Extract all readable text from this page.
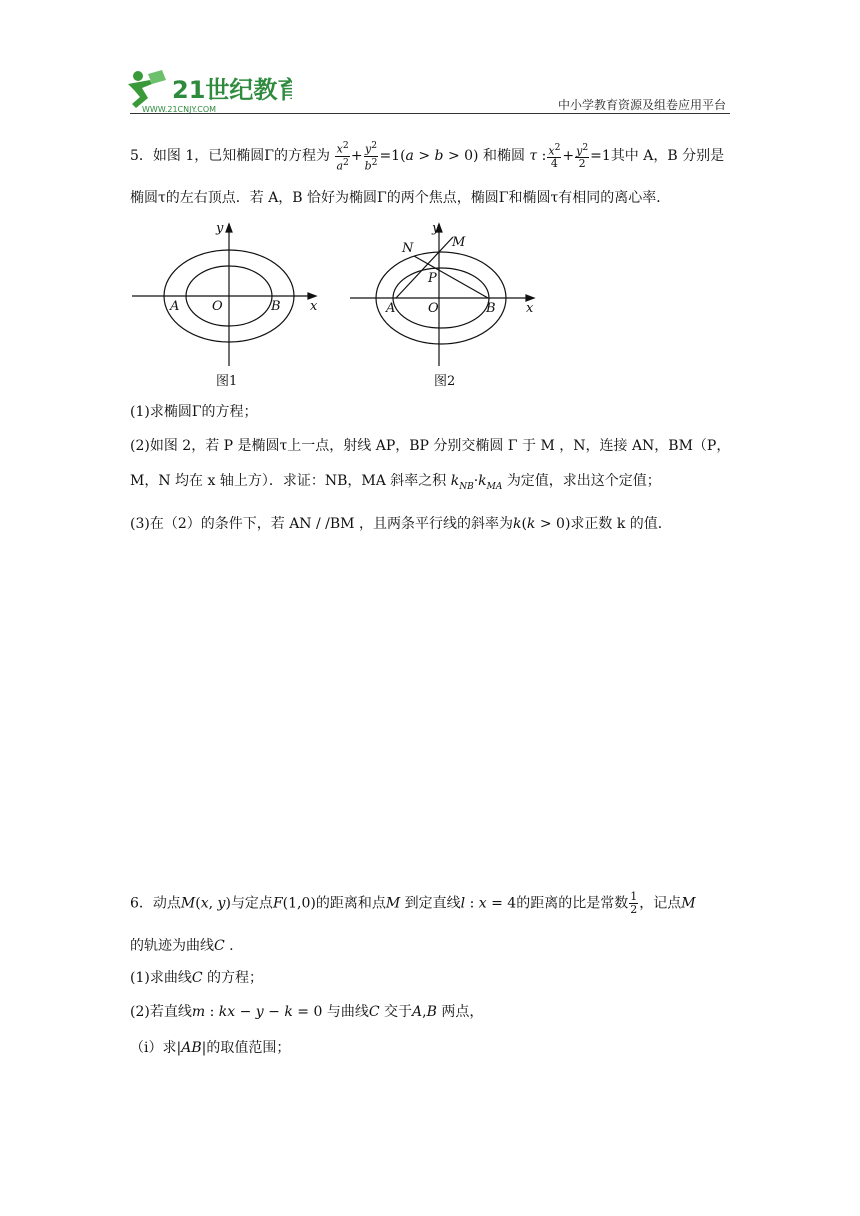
21世纪教育
WWW.21CNJY.COM	中小学教育资源及组卷应用平台
5．如图 1，已知椭圆Γ的方程为 $\frac{x^2}{a^2} + \frac{y^2}{b^2} =1(a > b > 0)$ 和椭圆 τ : $\frac{x^2}{4} + \frac{y^2}{2} =1$其中 A，B 分别是
椭圆τ的左右顶点．若 A，B 恰好为椭圆Γ的两个焦点，椭圆Γ和椭圆τ有相同的离心率．
y
x
A	O	B
y
x
A	O	B
N	M
P
图1	图2
(1)求椭圆Γ的方程；
(2)如图 2，若 P 是椭圆τ上一点，射线 AP，BP 分别交椭圆 Γ 于 M ，N，连接 AN，BM（P，
M，N 均在 x 轴上方）．求证：NB，MA 斜率之积 $k_{NB}\cdot k_{MA}$ 为定值，求出这个定值；
(3)在（2）的条件下，若 AN / /BM ，且两条平行线的斜率为k(k > 0)求正数 k 的值．
6．动点M(x, y)与定点F(1,0)的距离和点M 到定直线l : x = 4的距离的比是常数 $\frac{1}{2}$ ，记点M
的轨迹为曲线C .
(1)求曲线C 的方程；
(2)若直线m : kx − y − k = 0 与曲线C 交于A,B 两点，
（ⅰ）求|AB|的取值范围；
